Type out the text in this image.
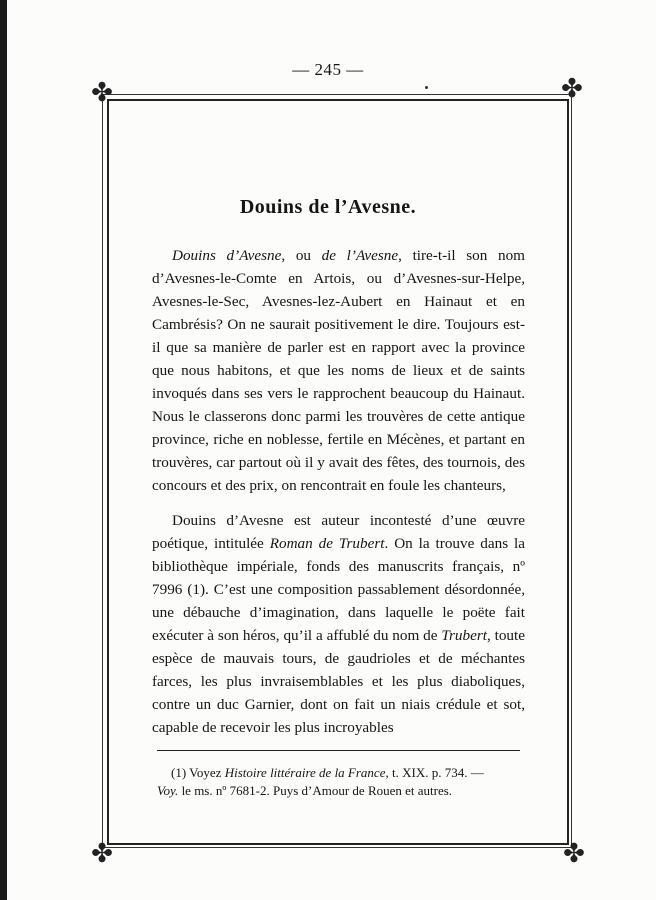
— 245 —
✤	✤
✤	✤
Douins de l’Avesne.

Douins d’Avesne, ou de l’Avesne, tire-t-il son nom d’Avesnes-le-Comte en Artois, ou d’Avesnes-sur-Helpe, Avesnes-le-Sec, Avesnes-lez-Aubert en Hainaut et en Cambrésis? On ne saurait positivement le dire. Toujours est-il que sa manière de parler est en rapport avec la province que nous habitons, et que les noms de lieux et de saints invoqués dans ses vers le rapprochent beaucoup du Hainaut. Nous le classerons donc parmi les trouvères de cette antique province, riche en noblesse, fertile en Mécènes, et partant en trouvères, car partout où il y avait des fêtes, des tournois, des concours et des prix, on rencontrait en foule les chanteurs,

Douins d’Avesne est auteur incontesté d’une œuvre poétique, intitulée Roman de Trubert. On la trouve dans la bibliothèque impériale, fonds des manuscrits français, nº 7996 (1). C’est une composition passablement désordonnée, une débauche d’imagination, dans laquelle le poëte fait exécuter à son héros, qu’il a affublé du nom de Trubert, toute espèce de mauvais tours, de gaudrioles et de méchantes farces, les plus invraisemblables et les plus diaboliques, contre un duc Garnier, dont on fait un niais crédule et sot, capable de recevoir les plus incroyables

(1) Voyez Histoire littéraire de la France, t. XIX. p. 734. —
Voy. le ms. nº 7681-2. Puys d’Amour de Rouen et autres.
